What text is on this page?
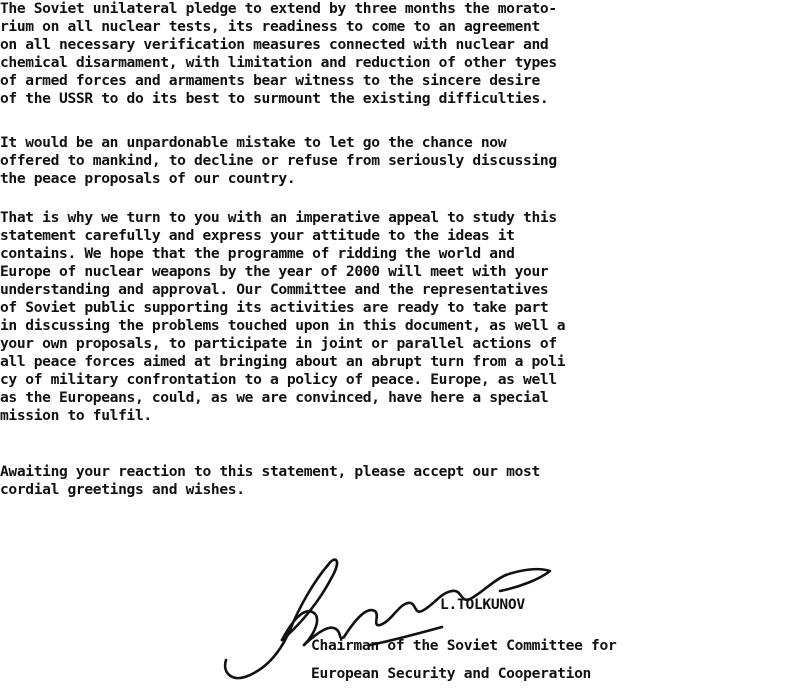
The Soviet unilateral pledge to extend by three months the morato-
rium on all nuclear tests, its readiness to come to an agreement
on all necessary verification measures connected with nuclear and
chemical disarmament, with limitation and reduction of other types
of armed forces and armaments bear witness to the sincere desire
of the USSR to do its best to surmount the existing difficulties.
It would be an unpardonable mistake to let go the chance now
offered to mankind, to decline or refuse from seriously discussing
the peace proposals of our country.
That is why we turn to you with an imperative appeal to study this
statement carefully and express your attitude to the ideas it
contains. We hope that the programme of ridding the world and
Europe of nuclear weapons by the year of 2000 will meet with your
understanding and approval. Our Committee and the representatives
of Soviet public supporting its activities are ready to take part
in discussing the problems touched upon in this document, as well a
your own proposals, to participate in joint or parallel actions of
all peace forces aimed at bringing about an abrupt turn from a poli
cy of military confrontation to a policy of peace. Europe, as well
as the Europeans, could, as we are convinced, have here a special
mission to fulfil.
Awaiting your reaction to this statement, please accept our most
cordial greetings and wishes.
L.TOLKUNOV
Chairman of the Soviet Committee for
European Security and Cooperation
